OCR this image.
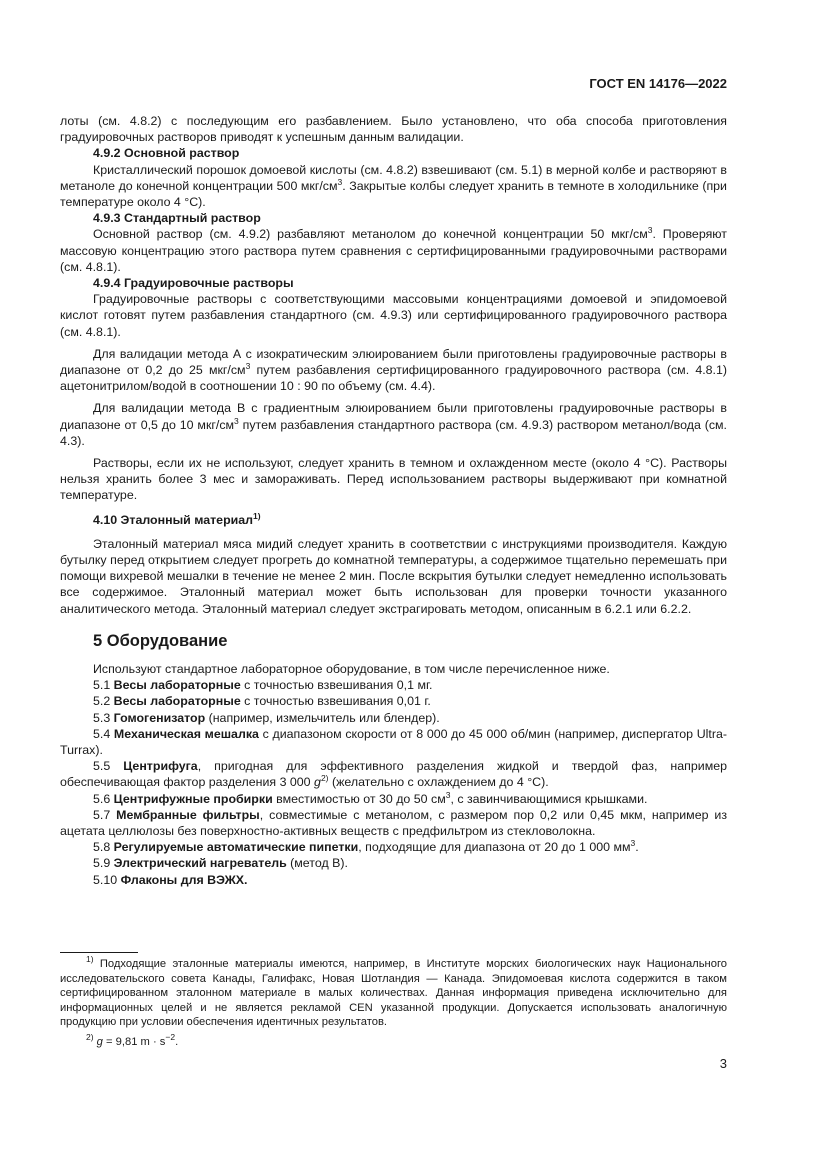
ГОСТ EN 14176—2022

лоты (см. 4.8.2) с последующим его разбавлением. Было установлено, что оба способа приготовления градуировочных растворов приводят к успешным данным валидации.

4.9.2 Основной раствор

Кристаллический порошок домоевой кислоты (см. 4.8.2) взвешивают (см. 5.1) в мерной колбе и растворяют в метаноле до конечной концентрации 500 мкг/$см^3$. Закрытые колбы следует хранить в темноте в холодильнике (при температуре около 4 °C).

4.9.3 Стандартный раствор

Основной раствор (см. 4.9.2) разбавляют метанолом до конечной концентрации 50 мкг/$см^3$. Проверяют массовую концентрацию этого раствора путем сравнения с сертифицированными градуировочными растворами (см. 4.8.1).

4.9.4 Градуировочные растворы

Градуировочные растворы с соответствующими массовыми концентрациями домоевой и эпидомоевой кислот готовят путем разбавления стандартного (см. 4.9.3) или сертифицированного градуировочного раствора (см. 4.8.1).

Для валидации метода А с изократическим элюированием были приготовлены градуировочные растворы в диапазоне от 0,2 до 25 мкг/$см^3$ путем разбавления сертифицированного градуировочного раствора (см. 4.8.1) ацетонитрилом/водой в соотношении 10 : 90 по объему (см. 4.4).

Для валидации метода В с градиентным элюированием были приготовлены градуировочные растворы в диапазоне от 0,5 до 10 мкг/$см^3$ путем разбавления стандартного раствора (см. 4.9.3) раствором метанол/вода (см. 4.3).

Растворы, если их не используют, следует хранить в темном и охлажденном месте (около 4 °C). Растворы нельзя хранить более 3 мес и замораживать. Перед использованием растворы выдерживают при комнатной температуре.

4.10 Эталонный материал$^{1)}$

Эталонный материал мяса мидий следует хранить в соответствии с инструкциями производителя. Каждую бутылку перед открытием следует прогреть до комнатной температуры, а содержимое тщательно перемешать при помощи вихревой мешалки в течение не менее 2 мин. После вскрытия бутылки следует немедленно использовать все содержимое. Эталонный материал может быть использован для проверки точности указанного аналитического метода. Эталонный материал следует экстрагировать методом, описанным в 6.2.1 или 6.2.2.

5 Оборудование

Используют стандартное лабораторное оборудование, в том числе перечисленное ниже.

5.1 Весы лабораторные с точностью взвешивания 0,1 мг.

5.2 Весы лабораторные с точностью взвешивания 0,01 г.

5.3 Гомогенизатор (например, измельчитель или блендер).

5.4 Механическая мешалка с диапазоном скорости от 8 000 до 45 000 об/мин (например, диспергатор Ultra-Turrax).

5.5 Центрифуга, пригодная для эффективного разделения жидкой и твердой фаз, например обеспечивающая фактор разделения 3 000 $g^{2)}$ (желательно с охлаждением до 4 °C).

5.6 Центрифужные пробирки вместимостью от 30 до 50 $см^3$, с завинчивающимися крышками.

5.7 Мембранные фильтры, совместимые с метанолом, с размером пор 0,2 или 0,45 мкм, например из ацетата целлюлозы без поверхностно-активных веществ с предфильтром из стекловолокна.

5.8 Регулируемые автоматические пипетки, подходящие для диапазона от 20 до 1 000 $мм^3$.

5.9 Электрический нагреватель (метод В).

5.10 Флаконы для ВЭЖХ.

$^{1)}$ Подходящие эталонные материалы имеются, например, в Институте морских биологических наук Национального исследовательского совета Канады, Галифакс, Новая Шотландия — Канада. Эпидомоевая кислота содержится в таком сертифицированном эталонном материале в малых количествах. Данная информация приведена исключительно для информационных целей и не является рекламой CEN указанной продукции. Допускается использовать аналогичную продукцию при условии обеспечения идентичных результатов.

$^{2)}$ g = 9,81 $m \cdot s^{-2}$.

3
